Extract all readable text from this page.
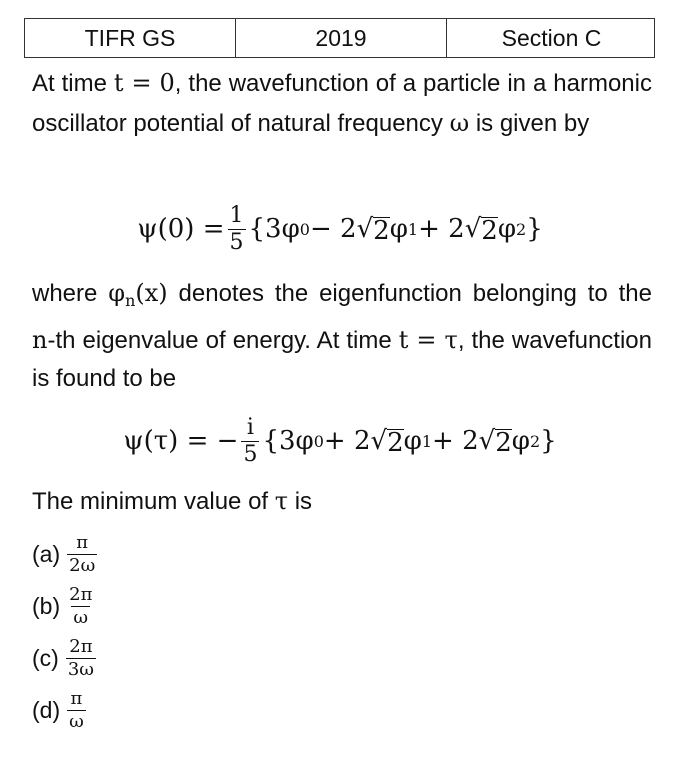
TIFR GS	2019	Section C
At time t = 0, the wavefunction of a particle in a harmonic oscillator potential of natural frequency ω is given by
$\psi(0) = \frac{1}{5} \{3\varphi$ 0 − 2 √ 2 φ 1 + 2 √ 2 φ 2 }
where $\varphi_n(x)$ denotes the eigenfunction belonging to the n-th eigenvalue of energy. At time t = τ, the wavefunction is found to be
ψ(τ) = − $\frac{i}{5} \{3\varphi$ 0 + 2 √ 2 φ 1 + 2 √ 2 φ 2 }
The minimum value of τ is
$(a) \frac{\pi}{2\omega}$
$(b) \frac{2\pi}{\omega}$
$(c) \frac{2\pi}{3\omega}$
$(d) \frac{\pi}{\omega}$
